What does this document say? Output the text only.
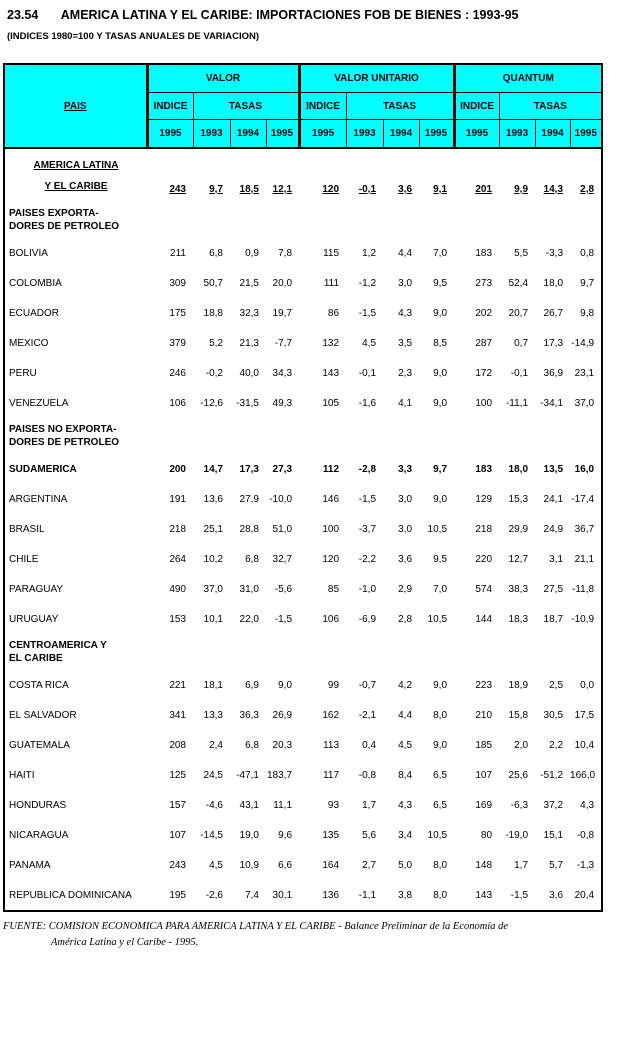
23.54 AMERICA LATINA Y EL CARIBE: IMPORTACIONES FOB DE BIENES : 1993-95
(INDICES 1980=100 Y TASAS ANUALES DE VARIACION)
PAIS	VALOR				VALOR UNITARIO				QUANTUM			
	INDICE	TASAS			INDICE	TASAS			INDICE	TASAS		
	1995	1993	1994	1995	1995	1993	1994	1995	1995	1993	1994	1995

AMERICA LATINA
Y EL CARIBE	243	9,7	18,5	12,1	120	-0,1	3,6	9,1	201	9,9	14,3	2,8

PAISES EXPORTA-
DORES DE PETROLEO												

BOLIVIA	211	6,8	0,9	7,8	115	1,2	4,4	7,0	183	5,5	-3,3	0,8
COLOMBIA	309	50,7	21,5	20,0	111	-1,2	3,0	9,5	273	52,4	18,0	9,7
ECUADOR	175	18,8	32,3	19,7	86	-1,5	4,3	9,0	202	20,7	26,7	9,8
MEXICO	379	5,2	21,3	-7,7	132	4,5	3,5	8,5	287	0,7	17,3	-14,9
PERU	246	-0,2	40,0	34,3	143	-0,1	2,3	9,0	172	-0,1	36,9	23,1
VENEZUELA	106	-12,6	-31,5	49,3	105	-1,6	4,1	9,0	100	-11,1	-34,1	37,0

PAISES NO EXPORTA-
DORES DE PETROLEO												

SUDAMERICA	200	14,7	17,3	27,3	112	-2,8	3,3	9,7	183	18,0	13,5	16,0
ARGENTINA	191	13,6	27,9	-10,0	146	-1,5	3,0	9,0	129	15,3	24,1	-17,4
BRASIL	218	25,1	28,8	51,0	100	-3,7	3,0	10,5	218	29,9	24,9	36,7
CHILE	264	10,2	6,8	32,7	120	-2,2	3,6	9,5	220	12,7	3,1	21,1
PARAGUAY	490	37,0	31,0	-5,6	85	-1,0	2,9	7,0	574	38,3	27,5	-11,8
URUGUAY	153	10,1	22,0	-1,5	106	-6,9	2,8	10,5	144	18,3	18,7	-10,9

CENTROAMERICA Y
EL CARIBE												

COSTA RICA	221	18,1	6,9	9,0	99	-0,7	4,2	9,0	223	18,9	2,5	0,0
EL SALVADOR	341	13,3	36,3	26,9	162	-2,1	4,4	8,0	210	15,8	30,5	17,5
GUATEMALA	208	2,4	6,8	20,3	113	0,4	4,5	9,0	185	2,0	2,2	10,4
HAITI	125	24,5	-47,1	183,7	117	-0,8	8,4	6,5	107	25,6	-51,2	166,0
HONDURAS	157	-4,6	43,1	11,1	93	1,7	4,3	6,5	169	-6,3	37,2	4,3
NICARAGUA	107	-14,5	19,0	9,6	135	5,6	3,4	10,5	80	-19,0	15,1	-0,8
PANAMA	243	4,5	10,9	6,6	164	2,7	5,0	8,0	148	1,7	5,7	-1,3
REPUBLICA DOMINICANA	195	-2,6	7,4	30,1	136	-1,1	3,8	8,0	143	-1,5	3,6	20,4
FUENTE: COMISION ECONOMICA PARA AMERICA LATINA Y EL CARIBE - Balance Preliminar de la Economía de
América Latina y el Caribe - 1995.
